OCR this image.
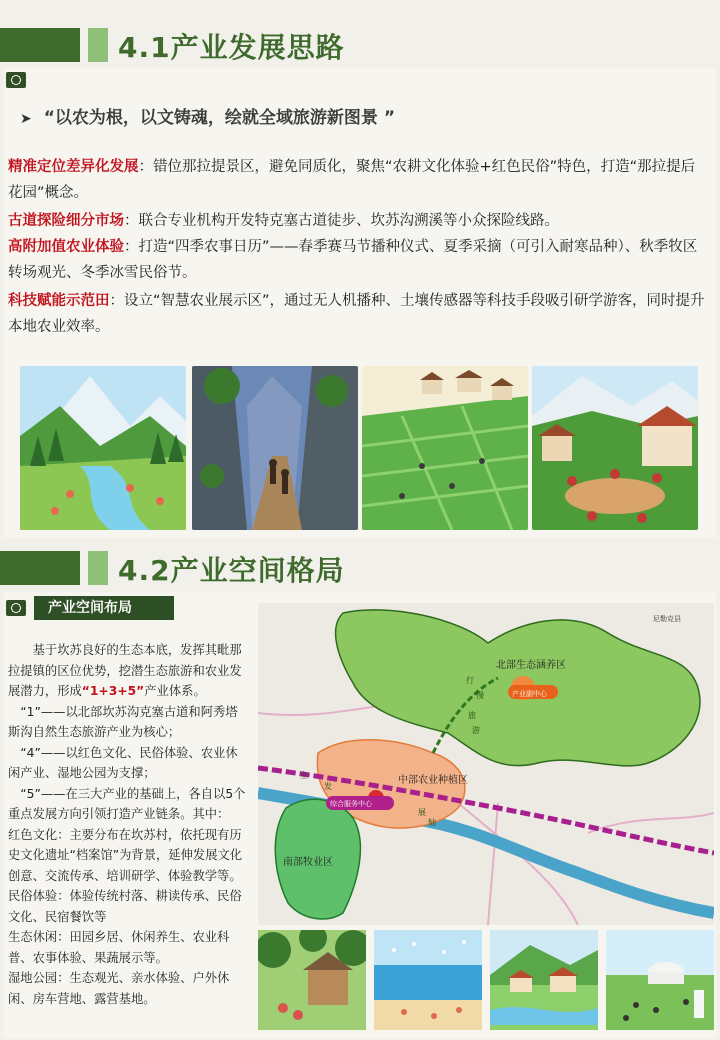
4.1产业发展思路
➤ “以农为根，以文铸魂，绘就全域旅游新图景 ”
精准定位差异化发展：错位那拉提景区，避免同质化，聚焦“农耕文化体验+红色民俗”特色，打造“那拉提后花园”概念。
古道探险细分市场：联合专业机构开发特克塞古道徒步、坎苏沟溯溪等小众探险线路。
高附加值农业体验：打造“四季农事日历”——春季赛马节播种仪式、夏季采摘（可引入耐寒品种）、秋季牧区转场观光、冬季冰雪民俗节。
科技赋能示范田：设立“智慧农业展示区”，通过无人机播种、土壤传感器等科技手段吸引研学游客，同时提升本地农业效率。
4.2产业空间格局
产业空间布局

基于坎苏良好的生态本底，发挥其毗那拉提镇的区位优势，挖潜生态旅游和农业发展潜力，形成“1+3+5”产业体系。

“1”——以北部坎苏沟克塞古道和阿秀塔斯沟自然生态旅游产业为核心；

“4”——以红色文化、民俗体验、农业休闲产业、湿地公园为支撑；

“5”——在三大产业的基础上，各自以5个重点发展方向引领打造产业链条。其中：

红色文化：主要分布在坎苏村，依托现有历史文化遗址“档案馆”为背景，延伸发展文化创意、交流传承、培训研学、体验教学等。

民俗体验：体验传统村落、耕读传承、民俗文化、民宿餐饮等

生态休闲：田园乡居、休闲养生、农业科普、农事体验、果蔬展示等。

湿地公园：生态观光、亲水体验、户外休闲、房车营地、露营基地。

北部生态涵养区
产业副中心
中部农业种植区
综合服务中心
南部牧业区
尼勒克县
行
慢
旅
游
主
发
展
轴
